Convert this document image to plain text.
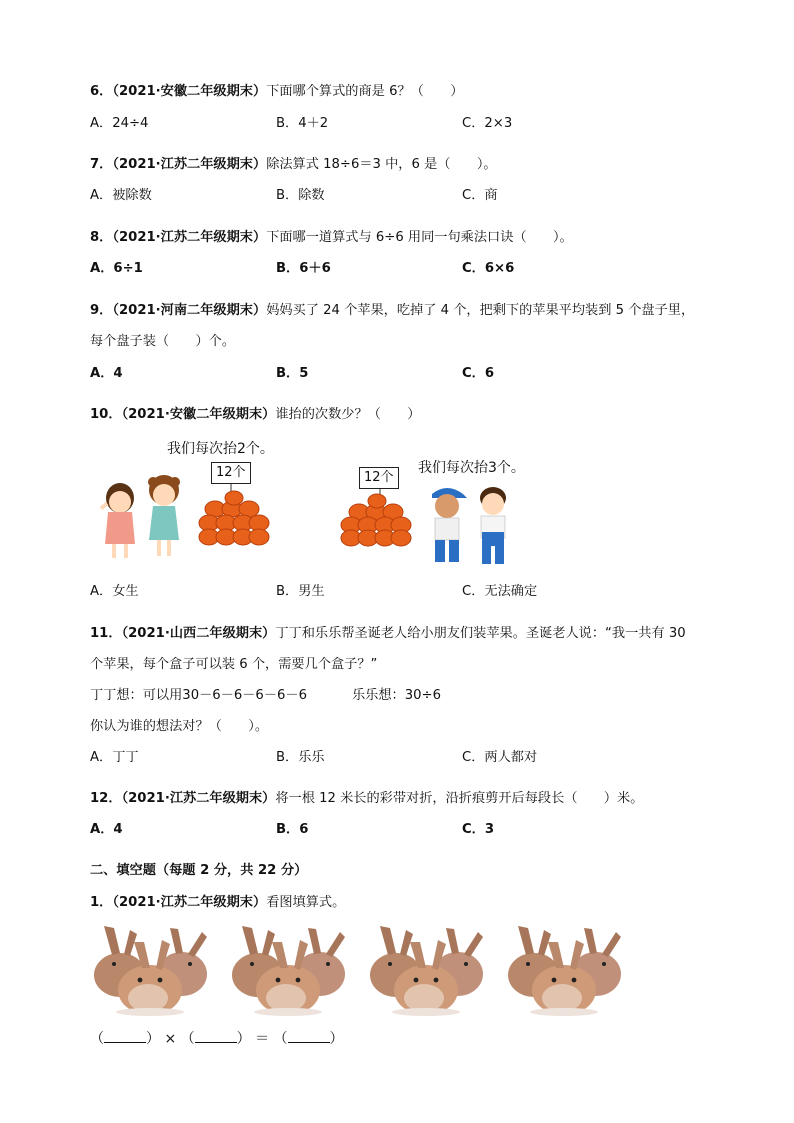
6．（2021·安徽二年级期末）下面哪个算式的商是 6？（　　）
A．24÷4	B．4＋2	C．2×3
7．（2021·江苏二年级期末）除法算式 18÷6＝3 中，6 是（　　）。
A．被除数	B．除数	C．商
8．（2021·江苏二年级期末）下面哪一道算式与 6÷6 用同一句乘法口诀（　　）。
A．6÷1	B．6＋6	C．6×6
9．（2021·河南二年级期末）妈妈买了 24 个苹果，吃掉了 4 个，把剩下的苹果平均装到 5 个盘子里，
每个盘子装（　　）个。
A．4	B．5	C．6
10．（2021·安徽二年级期末）谁抬的次数少？（　　）
我们每次抬2个。
我们每次抬3个。
12个	12个
A．女生	B．男生	C．无法确定
11．（2021·山西二年级期末）丁丁和乐乐帮圣诞老人给小朋友们装苹果。圣诞老人说：“我一共有 30
个苹果，每个盒子可以装 6 个，需要几个盒子？”
丁丁想：可以用30－6－6－6－6－6	乐乐想：30÷6
你认为谁的想法对？（　　）。
A．丁丁	B．乐乐	C．两人都对
12．（2021·江苏二年级期末）将一根 12 米长的彩带对折，沿折痕剪开后每段长（　　）米。
A．4	B．6	C．3
二、填空题（每题 2 分，共 22 分）
1．（2021·江苏二年级期末）看图填算式。
（	） × （	） ＝ （	）
